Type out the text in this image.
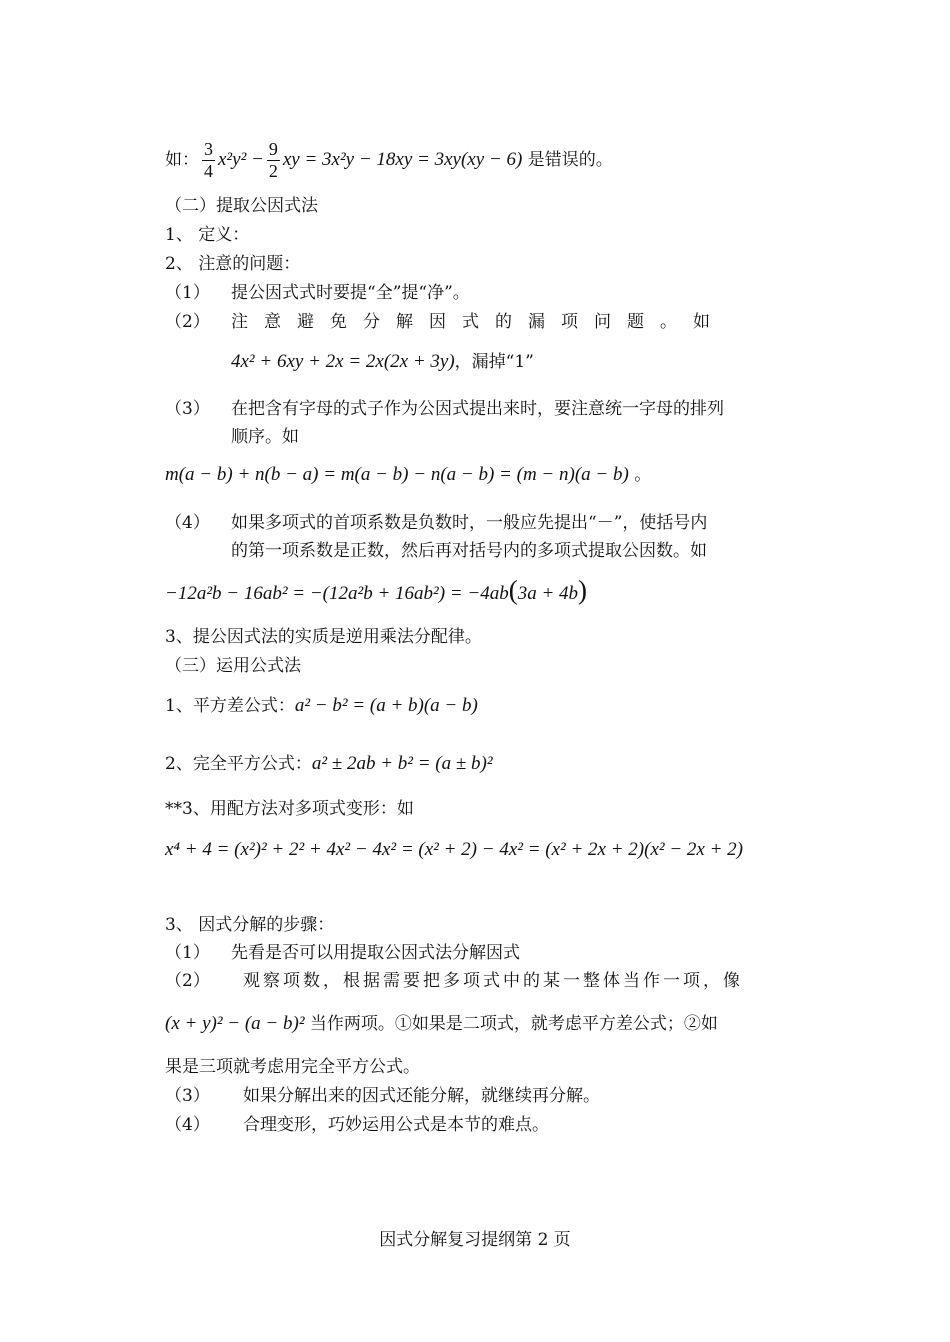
如： $\frac{3}{4} x^2y^2 - \frac{9}{2}$ xy = 3x²y − 18xy = 3xy(xy − 6) 是错误的。

（二）提取公因式法

1、 定义：

2、 注意的问题：

（1） 提公因式式时要提“全”提“净”。

（2） 注意避免分解因式的漏项问题。如

4x² + 6xy + 2x = 2x(2x + 3y)，漏掉“1”

（3） 在把含有字母的式子作为公因式提出来时，要注意统一字母的排列

顺序。如

m(a − b) + n(b − a) = m(a − b) − n(a − b) = (m − n)(a − b) 。

（4） 如果多项式的首项系数是负数时，一般应先提出“－”，使括号内

的第一项系数是正数，然后再对括号内的多项式提取公因数。如

−12a²b − 16ab² = −(12a²b + 16ab²) = −4ab(3a + 4b)

3、提公因式法的实质是逆用乘法分配律。

（三）运用公式法

1、平方差公式：a² − b² = (a + b)(a − b)

2、完全平方公式：a² ± 2ab + b² = (a ± b)²

**3、用配方法对多项式变形：如

x⁴ + 4 = (x²)² + 2² + 4x² − 4x² = (x² + 2) − 4x² = (x² + 2x + 2)(x² − 2x + 2)

3、 因式分解的步骤：

（1） 先看是否可以用提取公因式法分解因式

（2） 观察项数，根据需要把多项式中的某一整体当作一项，像

(x + y)² − (a − b)² 当作两项。①如果是二项式，就考虑平方差公式；②如

果是三项就考虑用完全平方公式。

（3） 如果分解出来的因式还能分解，就继续再分解。

（4） 合理变形，巧妙运用公式是本节的难点。

因式分解复习提纲第 2 页
